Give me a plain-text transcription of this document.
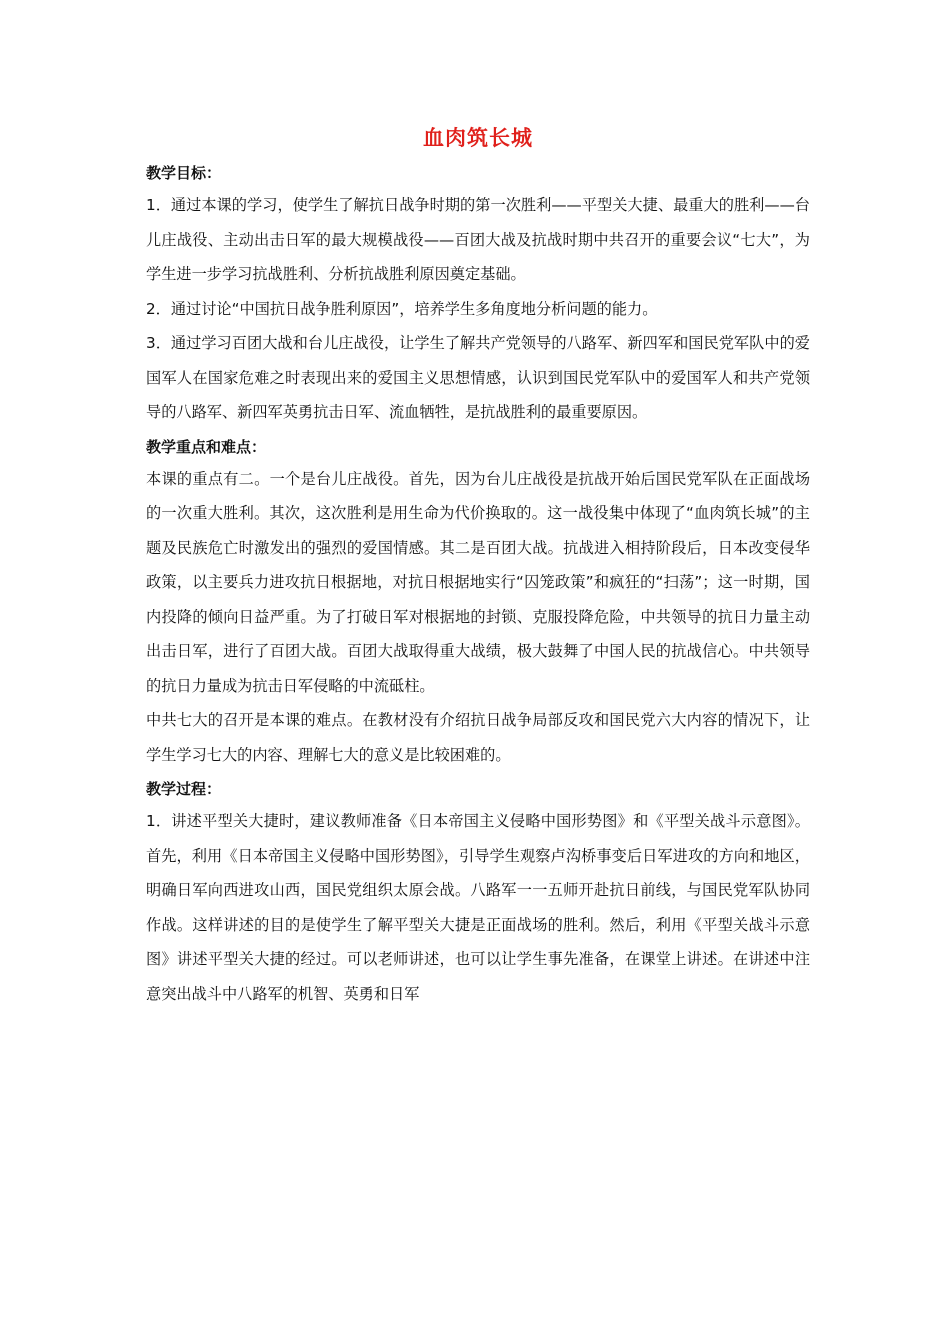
血肉筑长城
教学目标：

1．通过本课的学习，使学生了解抗日战争时期的第一次胜利——平型关大捷、最重大的胜利——台儿庄战役、主动出击日军的最大规模战役——百团大战及抗战时期中共召开的重要会议“七大”，为学生进一步学习抗战胜利、分析抗战胜利原因奠定基础。

2．通过讨论“中国抗日战争胜利原因”，培养学生多角度地分析问题的能力。

3．通过学习百团大战和台儿庄战役，让学生了解共产党领导的八路军、新四军和国民党军队中的爱国军人在国家危难之时表现出来的爱国主义思想情感，认识到国民党军队中的爱国军人和共产党领导的八路军、新四军英勇抗击日军、流血牺牲，是抗战胜利的最重要原因。

教学重点和难点：

本课的重点有二。一个是台儿庄战役。首先，因为台儿庄战役是抗战开始后国民党军队在正面战场的一次重大胜利。其次，这次胜利是用生命为代价换取的。这一战役集中体现了“血肉筑长城”的主题及民族危亡时激发出的强烈的爱国情感。其二是百团大战。抗战进入相持阶段后，日本改变侵华政策，以主要兵力进攻抗日根据地，对抗日根据地实行“囚笼政策”和疯狂的“扫荡”；这一时期，国内投降的倾向日益严重。为了打破日军对根据地的封锁、克服投降危险，中共领导的抗日力量主动出击日军，进行了百团大战。百团大战取得重大战绩，极大鼓舞了中国人民的抗战信心。中共领导的抗日力量成为抗击日军侵略的中流砥柱。

中共七大的召开是本课的难点。在教材没有介绍抗日战争局部反攻和国民党六大内容的情况下，让学生学习七大的内容、理解七大的意义是比较困难的。

教学过程：

1．讲述平型关大捷时，建议教师准备《日本帝国主义侵略中国形势图》和《平型关战斗示意图》。首先，利用《日本帝国主义侵略中国形势图》，引导学生观察卢沟桥事变后日军进攻的方向和地区，明确日军向西进攻山西，国民党组织太原会战。八路军一一五师开赴抗日前线，与国民党军队协同作战。这样讲述的目的是使学生了解平型关大捷是正面战场的胜利。然后，利用《平型关战斗示意图》讲述平型关大捷的经过。可以老师讲述，也可以让学生事先准备，在课堂上讲述。在讲述中注意突出战斗中八路军的机智、英勇和日军
